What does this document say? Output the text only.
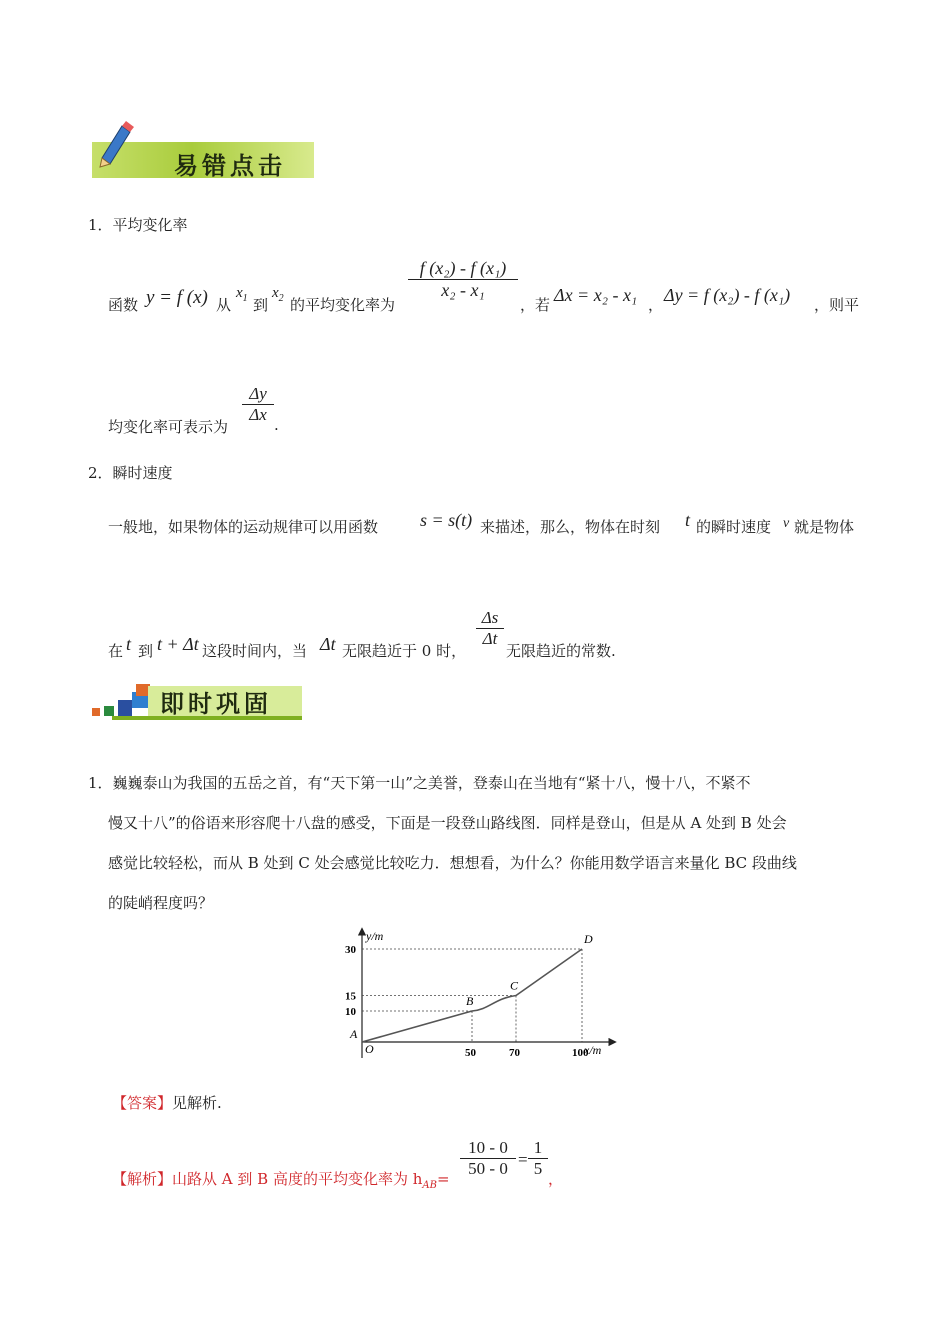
易错点击
1．平均变化率
函数 y = f (x) 从
$x_1$ 到
$x_2$ 的平均变化率为
f (x₂) - f (x₁)
x₂ - x₁
，若 Δx = x₂ - x₁ ， Δy = f (x₂) - f (x₁) ，则平
均变化率可表示为
Δy
Δx
.
2．瞬时速度
一般地，如果物体的运动规律可以用函数 s = s(t) 来描述，那么，物体在时刻 t 的瞬时速度 v 就是物体
在 t 到 t + Δt 这段时间内，当 Δt 无限趋近于 0 时，
Δs
Δt
无限趋近的常数.
即时巩固
1．巍巍泰山为我国的五岳之首，有“天下第一山”之美誉，登泰山在当地有“紧十八，慢十八，不紧不
慢又十八”的俗语来形容爬十八盘的感受，下面是一段登山路线图．同样是登山，但是从 A 处到 B 处会
感觉比较轻松，而从 B 处到 C 处会感觉比较吃力．想想看，为什么？你能用数学语言来量化 BC 段曲线
的陡峭程度吗？
y/m
x/m
O	50	70	100
10
15
30
A
B
C
D
【答案】见解析.
【解析】山路从 A 到 B 高度的平均变化率为 $h_{AB}=$
10 - 0
50 - 0 =
1
5
，
